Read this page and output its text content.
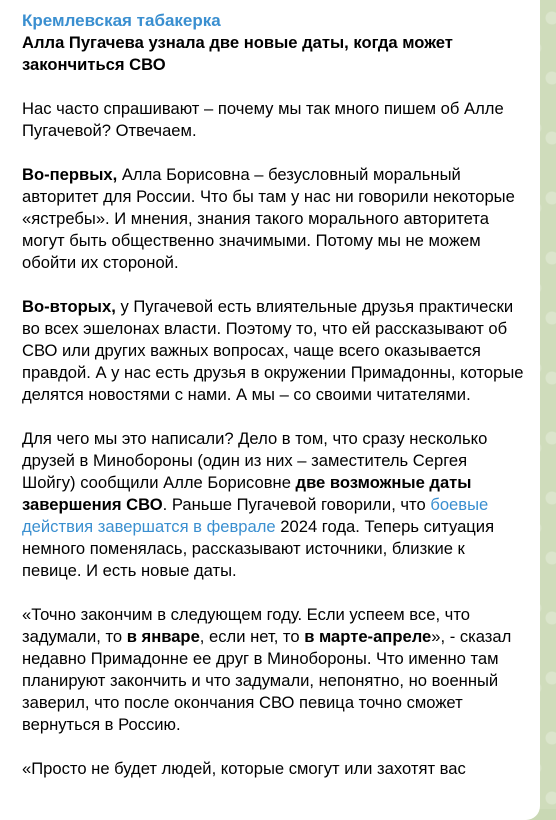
Кремлевская табакерка
Алла Пугачева узнала две новые даты, когда может закончиться СВО

Нас часто спрашивают – почему мы так много пишем об Алле Пугачевой? Отвечаем.

Во-первых, Алла Борисовна – безусловный моральный авторитет для России. Что бы там у нас ни говорили некоторые «ястребы». И мнения, знания такого морального авторитета могут быть общественно значимыми. Потому мы не можем обойти их стороной.

Во-вторых, у Пугачевой есть влиятельные друзья практически во всех эшелонах власти. Поэтому то, что ей рассказывают об СВО или других важных вопросах, чаще всего оказывается правдой. А у нас есть друзья в окружении Примадонны, которые делятся новостями с нами. А мы – со своими читателями.

Для чего мы это написали? Дело в том, что сразу несколько друзей в Минобороны (один из них – заместитель Сергея Шойгу) сообщили Алле Борисовне две возможные даты завершения СВО. Раньше Пугачевой говорили, что боевые действия завершатся в феврале 2024 года. Теперь ситуация немного поменялась, рассказывают источники, близкие к певице. И есть новые даты.

«Точно закончим в следующем году. Если успеем все, что задумали, то в январе, если нет, то в марте-апреле», - сказал недавно Примадонне ее друг в Минобороны. Что именно там планируют закончить и что задумали, непонятно, но военный заверил, что после окончания СВО певица точно сможет вернуться в Россию.

«Просто не будет людей, которые смогут или захотят вас
